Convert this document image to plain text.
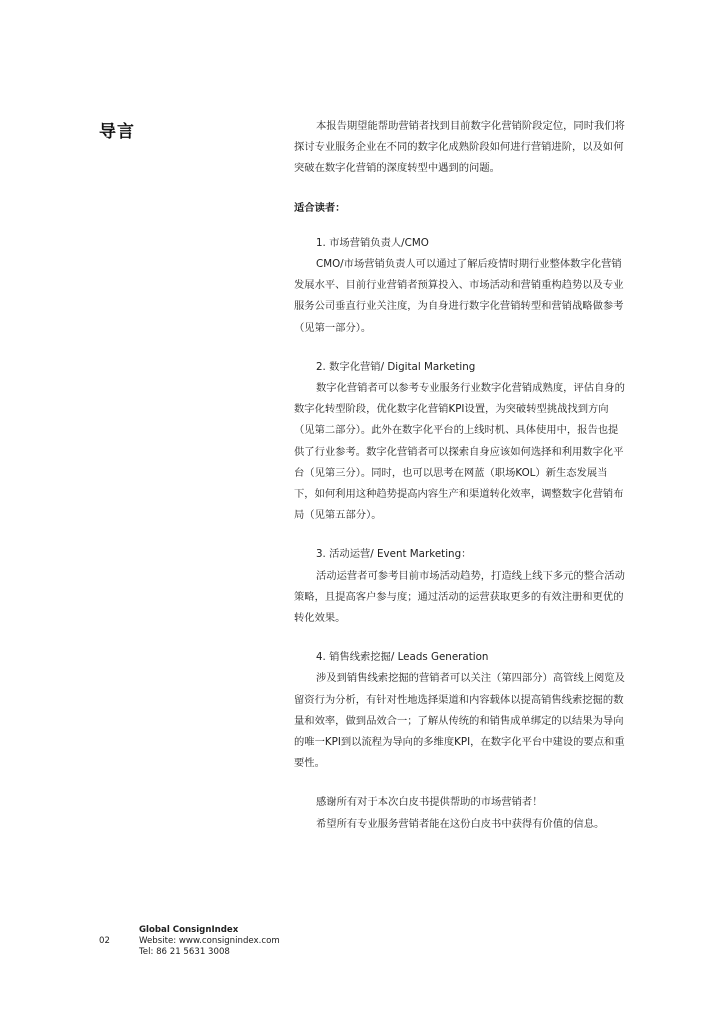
导言	本报告期望能帮助营销者找到目前数字化营销阶段定位，同时我们将探讨专业服务企业在不同的数字化成熟阶段如何进行营销进阶，以及如何突破在数字化营销的深度转型中遇到的问题。

适合读者：

1. 市场营销负责人/CMO

CMO/市场营销负责人可以通过了解后疫情时期行业整体数字化营销发展水平、目前行业营销者预算投入、市场活动和营销重构趋势以及专业服务公司垂直行业关注度，为自身进行数字化营销转型和营销战略做参考（见第一部分）。

2. 数字化营销/ Digital Marketing

数字化营销者可以参考专业服务行业数字化营销成熟度，评估自身的数字化转型阶段，优化数字化营销KPI设置，为突破转型挑战找到方向（见第二部分）。此外在数字化平台的上线时机、具体使用中，报告也提供了行业参考。数字化营销者可以探索自身应该如何选择和利用数字化平台（见第三分）。同时，也可以思考在网蓝（职场KOL）新生态发展当下，如何利用这种趋势提高内容生产和渠道转化效率，调整数字化营销布局（见第五部分）。

3. 活动运营/ Event Marketing：

活动运营者可参考目前市场活动趋势，打造线上线下多元的整合活动策略，且提高客户参与度；通过活动的运营获取更多的有效注册和更优的转化效果。

4. 销售线索挖掘/ Leads Generation

涉及到销售线索挖掘的营销者可以关注（第四部分）高管线上阅览及留资行为分析，有针对性地选择渠道和内容载体以提高销售线索挖掘的数量和效率，做到品效合一；了解从传统的和销售成单绑定的以结果为导向的唯一KPI到以流程为导向的多维度KPI，在数字化平台中建设的要点和重要性。

感谢所有对于本次白皮书提供帮助的市场营销者！

希望所有专业服务营销者能在这份白皮书中获得有价值的信息。

02
Global ConsignIndex
Website: www.consignindex.com
Tel: 86 21 5631 3008
